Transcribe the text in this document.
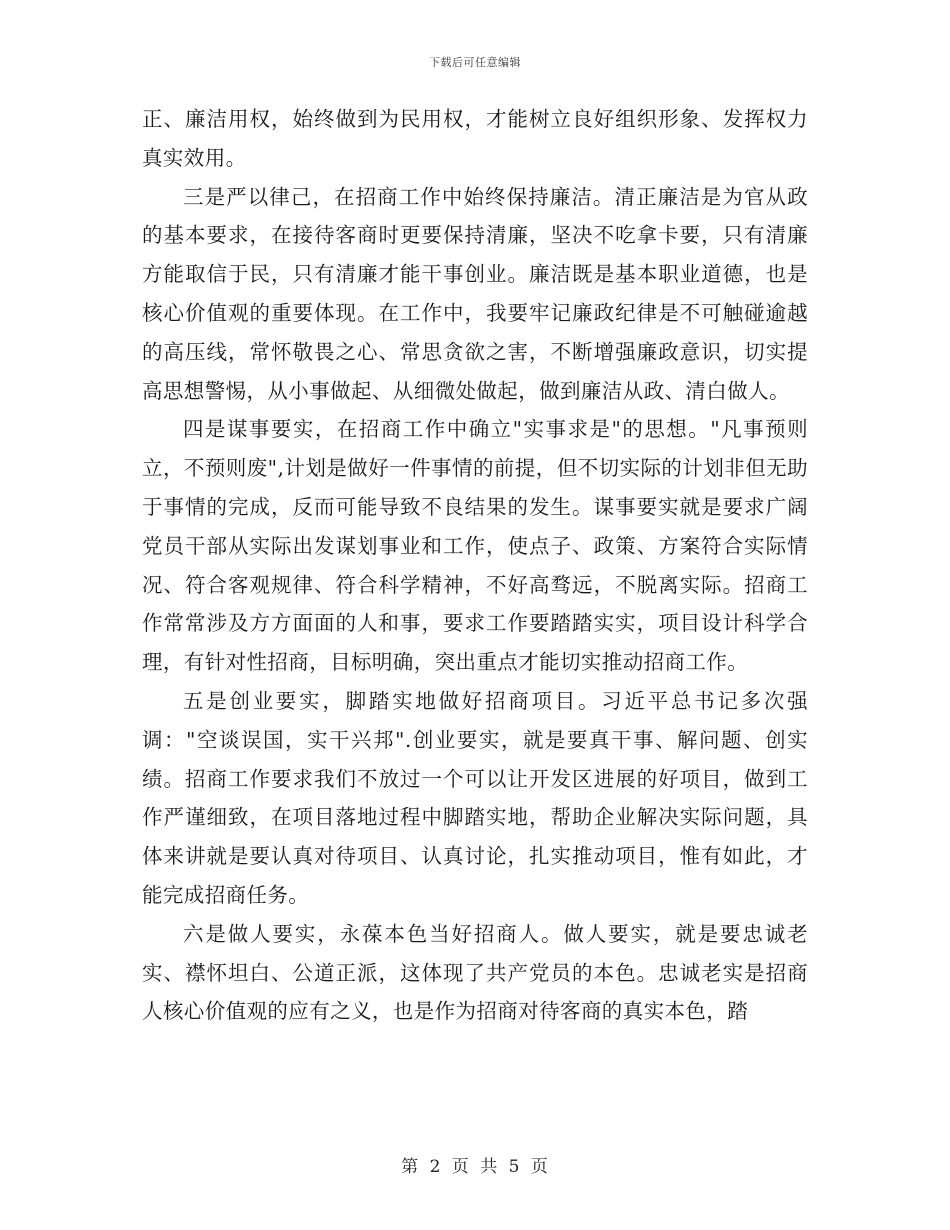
下载后可任意编辑

正、廉洁用权，始终做到为民用权，才能树立良好组织形象、发挥权力真实效用。

三是严以律己，在招商工作中始终保持廉洁。清正廉洁是为官从政的基本要求，在接待客商时更要保持清廉，坚决不吃拿卡要，只有清廉方能取信于民，只有清廉才能干事创业。廉洁既是基本职业道德，也是核心价值观的重要体现。在工作中，我要牢记廉政纪律是不可触碰逾越的高压线，常怀敬畏之心、常思贪欲之害，不断增强廉政意识，切实提高思想警惕，从小事做起、从细微处做起，做到廉洁从政、清白做人。

四是谋事要实，在招商工作中确立"实事求是"的思想。"凡事预则立，不预则废",计划是做好一件事情的前提，但不切实际的计划非但无助于事情的完成，反而可能导致不良结果的发生。谋事要实就是要求广阔党员干部从实际出发谋划事业和工作，使点子、政策、方案符合实际情况、符合客观规律、符合科学精神，不好高骛远，不脱离实际。招商工作常常涉及方方面面的人和事，要求工作要踏踏实实，项目设计科学合理，有针对性招商，目标明确，突出重点才能切实推动招商工作。

五是创业要实，脚踏实地做好招商项目。习近平总书记多次强调："空谈误国，实干兴邦".创业要实，就是要真干事、解问题、创实绩。招商工作要求我们不放过一个可以让开发区进展的好项目，做到工作严谨细致，在项目落地过程中脚踏实地，帮助企业解决实际问题，具体来讲就是要认真对待项目、认真讨论，扎实推动项目，惟有如此，才能完成招商任务。

六是做人要实，永葆本色当好招商人。做人要实，就是要忠诚老实、襟怀坦白、公道正派，这体现了共产党员的本色。忠诚老实是招商人核心价值观的应有之义，也是作为招商对待客商的真实本色，踏

第 2 页 共 5 页
